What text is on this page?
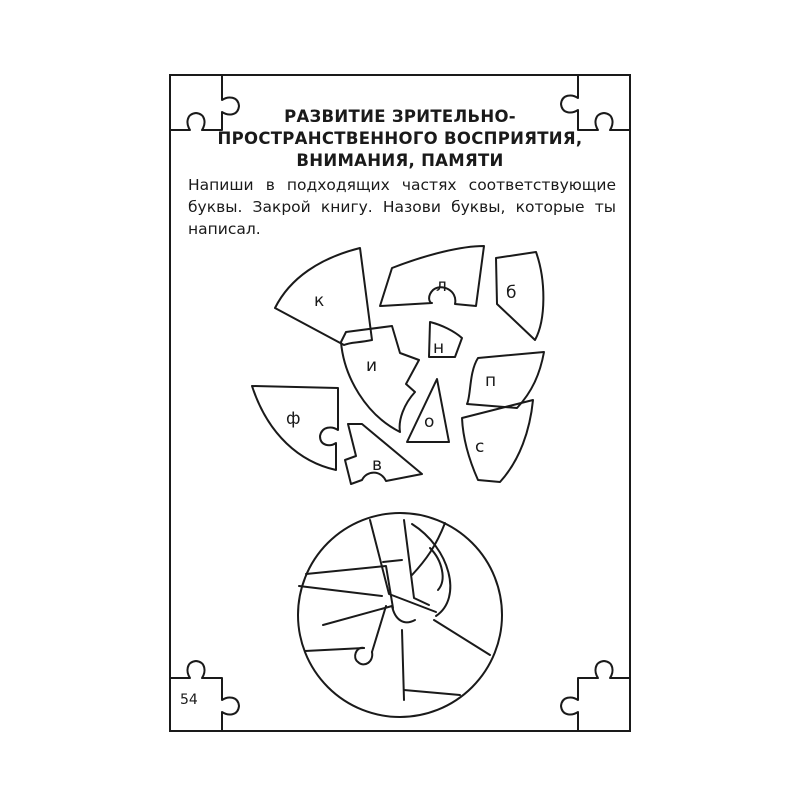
РАЗВИТИЕ ЗРИТЕЛЬНО-
ПРОСТРАНСТВЕННОГО ВОСПРИЯТИЯ,
ВНИМАНИЯ, ПАМЯТИ

Напиши в подходящих частях соответствующие буквы. Закрой книгу. Назови буквы, которые ты написал.

к
л	б
н
и
п
ф	о
с
в
54
